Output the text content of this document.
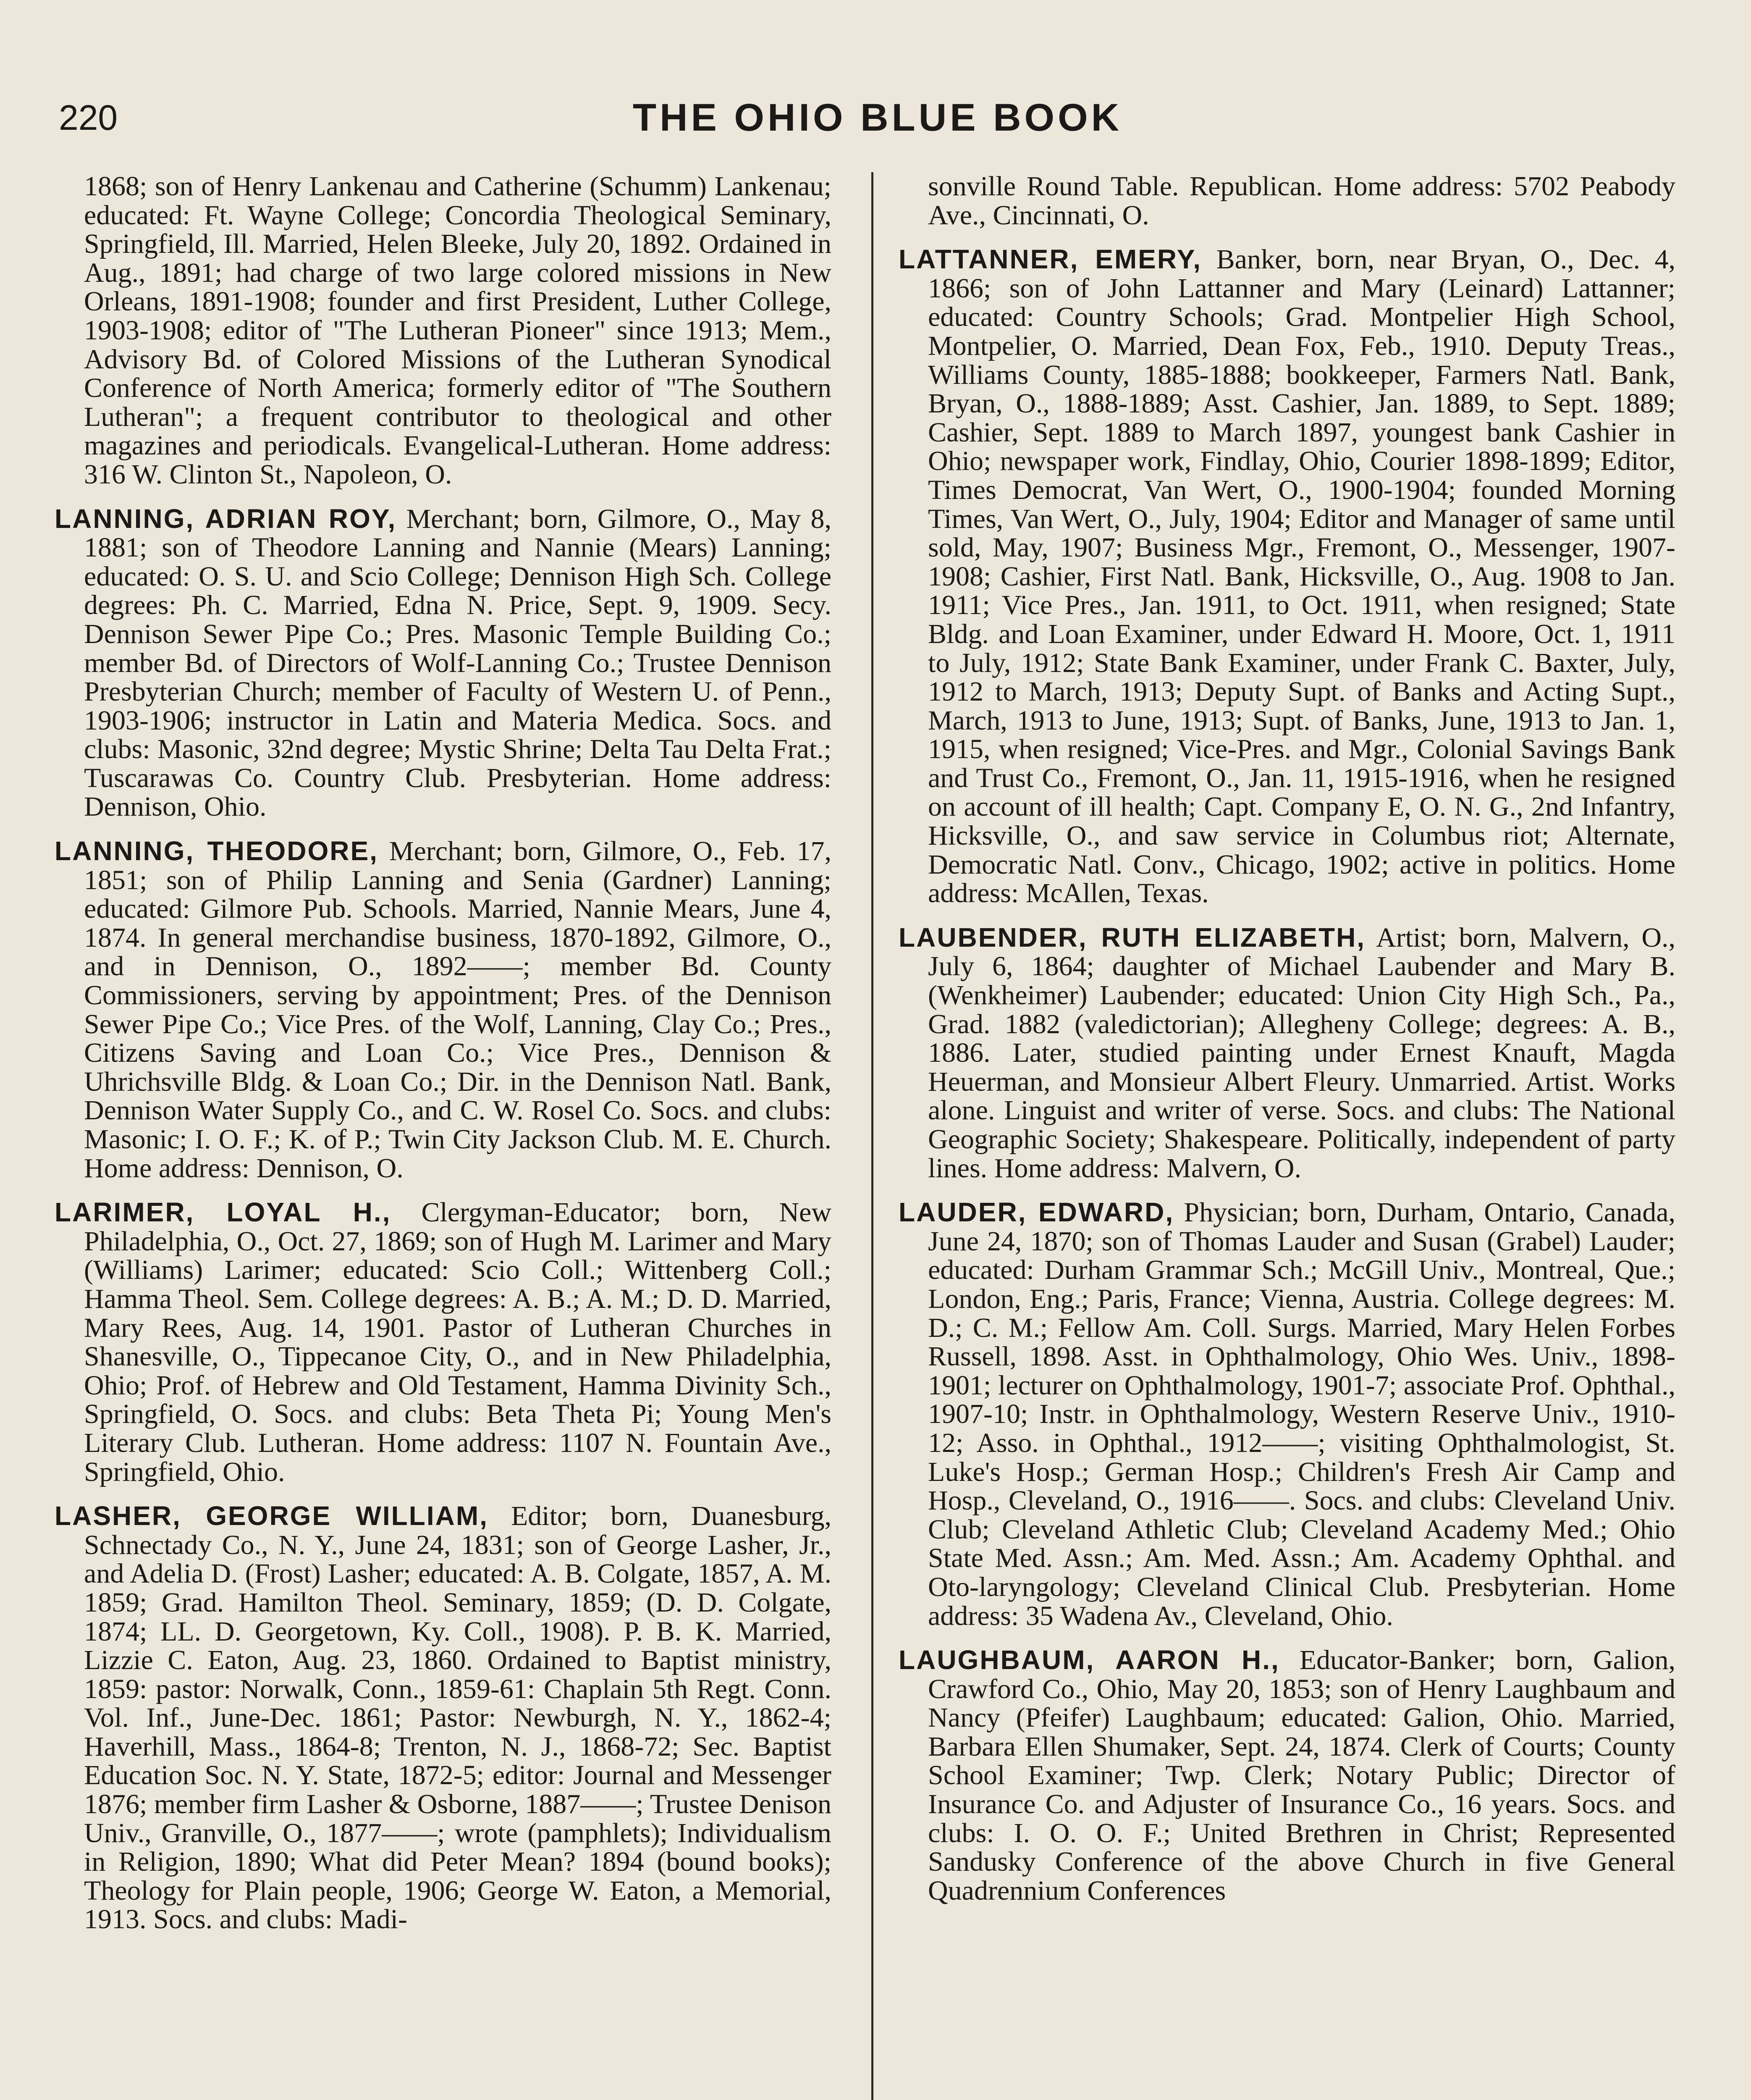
220	THE OHIO BLUE BOOK

1868; son of Henry Lankenau and Catherine (Schumm) Lankenau; educated: Ft. Wayne College; Concordia Theological Seminary, Springfield, Ill. Married, Helen Bleeke, July 20, 1892. Ordained in Aug., 1891; had charge of two large colored missions in New Orleans, 1891-1908; founder and first President, Luther College, 1903-1908; editor of "The Lutheran Pioneer" since 1913; Mem., Advisory Bd. of Colored Missions of the Lutheran Synodical Conference of North America; formerly editor of "The Southern Lutheran"; a frequent contributor to theological and other magazines and periodicals. Evangelical-Lutheran. Home address: 316 W. Clinton St., Napoleon, O.

LANNING, ADRIAN ROY, Merchant; born, Gilmore, O., May 8, 1881; son of Theodore Lanning and Nannie (Mears) Lanning; educated: O. S. U. and Scio College; Dennison High Sch. College degrees: Ph. C. Married, Edna N. Price, Sept. 9, 1909. Secy. Dennison Sewer Pipe Co.; Pres. Masonic Temple Building Co.; member Bd. of Directors of Wolf-Lanning Co.; Trustee Dennison Presbyterian Church; member of Faculty of Western U. of Penn., 1903-1906; instructor in Latin and Materia Medica. Socs. and clubs: Masonic, 32nd degree; Mystic Shrine; Delta Tau Delta Frat.; Tuscarawas Co. Country Club. Presbyterian. Home address: Dennison, Ohio.

LANNING, THEODORE, Merchant; born, Gilmore, O., Feb. 17, 1851; son of Philip Lanning and Senia (Gardner) Lanning; educated: Gilmore Pub. Schools. Married, Nannie Mears, June 4, 1874. In general merchandise business, 1870-1892, Gilmore, O., and in Dennison, O., 1892——; member Bd. County Commissioners, serving by appointment; Pres. of the Dennison Sewer Pipe Co.; Vice Pres. of the Wolf, Lanning, Clay Co.; Pres., Citizens Saving and Loan Co.; Vice Pres., Dennison & Uhrichsville Bldg. & Loan Co.; Dir. in the Dennison Natl. Bank, Dennison Water Supply Co., and C. W. Rosel Co. Socs. and clubs: Masonic; I. O. F.; K. of P.; Twin City Jackson Club. M. E. Church. Home address: Dennison, O.

LARIMER, LOYAL H., Clergyman-Educator; born, New Philadelphia, O., Oct. 27, 1869; son of Hugh M. Larimer and Mary (Williams) Larimer; educated: Scio Coll.; Wittenberg Coll.; Hamma Theol. Sem. College degrees: A. B.; A. M.; D. D. Married, Mary Rees, Aug. 14, 1901. Pastor of Lutheran Churches in Shanesville, O., Tippecanoe City, O., and in New Philadelphia, Ohio; Prof. of Hebrew and Old Testament, Hamma Divinity Sch., Springfield, O. Socs. and clubs: Beta Theta Pi; Young Men's Literary Club. Lutheran. Home address: 1107 N. Fountain Ave., Springfield, Ohio.

LASHER, GEORGE WILLIAM, Editor; born, Duanesburg, Schnectady Co., N. Y., June 24, 1831; son of George Lasher, Jr., and Adelia D. (Frost) Lasher; educated: A. B. Colgate, 1857, A. M. 1859; Grad. Hamilton Theol. Seminary, 1859; (D. D. Colgate, 1874; LL. D. Georgetown, Ky. Coll., 1908). P. B. K. Married, Lizzie C. Eaton, Aug. 23, 1860. Ordained to Baptist ministry, 1859: pastor: Norwalk, Conn., 1859-61: Chaplain 5th Regt. Conn. Vol. Inf., June-Dec. 1861; Pastor: Newburgh, N. Y., 1862-4; Haverhill, Mass., 1864-8; Trenton, N. J., 1868-72; Sec. Baptist Education Soc. N. Y. State, 1872-5; editor: Journal and Messenger 1876; member firm Lasher & Osborne, 1887——; Trustee Denison Univ., Granville, O., 1877——; wrote (pamphlets); Individualism in Religion, 1890; What did Peter Mean? 1894 (bound books); Theology for Plain people, 1906; George W. Eaton, a Memorial, 1913. Socs. and clubs: Madi-

sonville Round Table. Republican. Home address: 5702 Peabody Ave., Cincinnati, O.

LATTANNER, EMERY, Banker, born, near Bryan, O., Dec. 4, 1866; son of John Lattanner and Mary (Leinard) Lattanner; educated: Country Schools; Grad. Montpelier High School, Montpelier, O. Married, Dean Fox, Feb., 1910. Deputy Treas., Williams County, 1885-1888; bookkeeper, Farmers Natl. Bank, Bryan, O., 1888-1889; Asst. Cashier, Jan. 1889, to Sept. 1889; Cashier, Sept. 1889 to March 1897, youngest bank Cashier in Ohio; newspaper work, Findlay, Ohio, Courier 1898-1899; Editor, Times Democrat, Van Wert, O., 1900-1904; founded Morning Times, Van Wert, O., July, 1904; Editor and Manager of same until sold, May, 1907; Business Mgr., Fremont, O., Messenger, 1907-1908; Cashier, First Natl. Bank, Hicksville, O., Aug. 1908 to Jan. 1911; Vice Pres., Jan. 1911, to Oct. 1911, when resigned; State Bldg. and Loan Examiner, under Edward H. Moore, Oct. 1, 1911 to July, 1912; State Bank Examiner, under Frank C. Baxter, July, 1912 to March, 1913; Deputy Supt. of Banks and Acting Supt., March, 1913 to June, 1913; Supt. of Banks, June, 1913 to Jan. 1, 1915, when resigned; Vice-Pres. and Mgr., Colonial Savings Bank and Trust Co., Fremont, O., Jan. 11, 1915-1916, when he resigned on account of ill health; Capt. Company E, O. N. G., 2nd Infantry, Hicksville, O., and saw service in Columbus riot; Alternate, Democratic Natl. Conv., Chicago, 1902; active in politics. Home address: McAllen, Texas.

LAUBENDER, RUTH ELIZABETH, Artist; born, Malvern, O., July 6, 1864; daughter of Michael Laubender and Mary B. (Wenkheimer) Laubender; educated: Union City High Sch., Pa., Grad. 1882 (valedictorian); Allegheny College; degrees: A. B., 1886. Later, studied painting under Ernest Knauft, Magda Heuerman, and Monsieur Albert Fleury. Unmarried. Artist. Works alone. Linguist and writer of verse. Socs. and clubs: The National Geographic Society; Shakespeare. Politically, independent of party lines. Home address: Malvern, O.

LAUDER, EDWARD, Physician; born, Durham, Ontario, Canada, June 24, 1870; son of Thomas Lauder and Susan (Grabel) Lauder; educated: Durham Grammar Sch.; McGill Univ., Montreal, Que.; London, Eng.; Paris, France; Vienna, Austria. College degrees: M. D.; C. M.; Fellow Am. Coll. Surgs. Married, Mary Helen Forbes Russell, 1898. Asst. in Ophthalmology, Ohio Wes. Univ., 1898-1901; lecturer on Ophthalmology, 1901-7; associate Prof. Ophthal., 1907-10; Instr. in Ophthalmology, Western Reserve Univ., 1910-12; Asso. in Ophthal., 1912——; visiting Ophthalmologist, St. Luke's Hosp.; German Hosp.; Children's Fresh Air Camp and Hosp., Cleveland, O., 1916——. Socs. and clubs: Cleveland Univ. Club; Cleveland Athletic Club; Cleveland Academy Med.; Ohio State Med. Assn.; Am. Med. Assn.; Am. Academy Ophthal. and Oto-laryngology; Cleveland Clinical Club. Presbyterian. Home address: 35 Wadena Av., Cleveland, Ohio.

LAUGHBAUM, AARON H., Educator-Banker; born, Galion, Crawford Co., Ohio, May 20, 1853; son of Henry Laughbaum and Nancy (Pfeifer) Laughbaum; educated: Galion, Ohio. Married, Barbara Ellen Shumaker, Sept. 24, 1874. Clerk of Courts; County School Examiner; Twp. Clerk; Notary Public; Director of Insurance Co. and Adjuster of Insurance Co., 16 years. Socs. and clubs: I. O. O. F.; United Brethren in Christ; Represented Sandusky Conference of the above Church in five General Quadrennium Conferences
